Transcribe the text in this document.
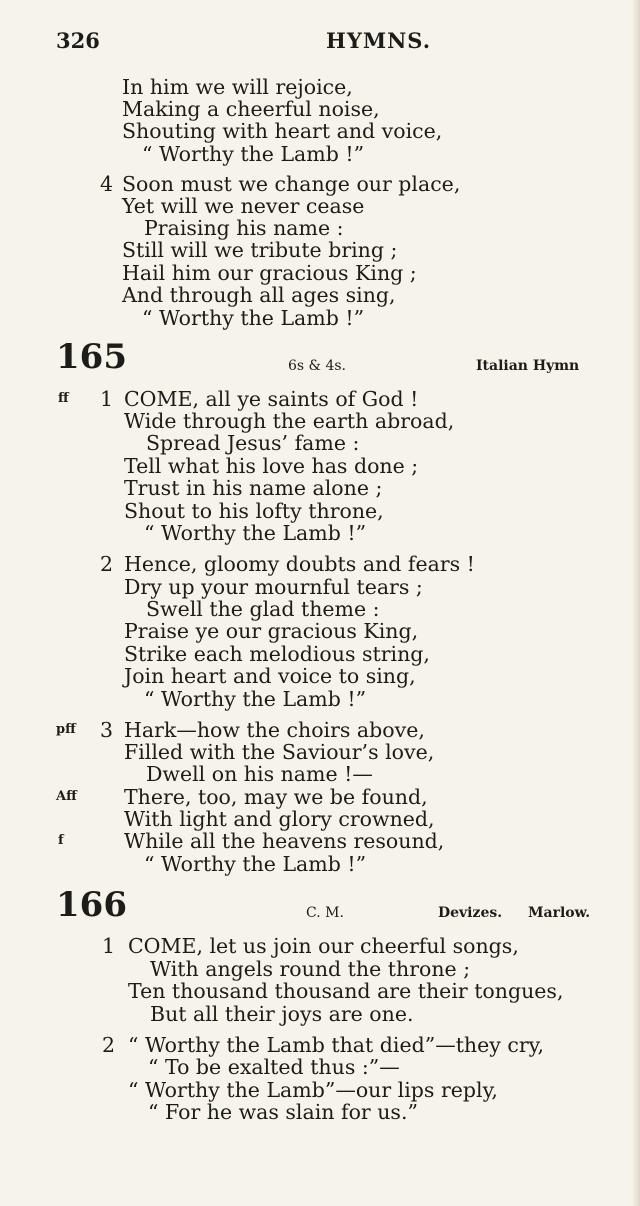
326	HYMNS.
In him we will rejoice,
Making a cheerful noise,
Shouting with heart and voice,
“ Worthy the Lamb !”
4 Soon must we change our place,
Yet will we never cease
Praising his name :
Still will we tribute bring ;
Hail him our gracious King ;
And through all ages sing,
“ Worthy the Lamb !”
165	6s & 4s.	Italian Hymn
ff 1 COME, all ye saints of God !
Wide through the earth abroad,
Spread Jesus’ fame :
Tell what his love has done ;
Trust in his name alone ;
Shout to his lofty throne,
“ Worthy the Lamb !”
2 Hence, gloomy doubts and fears !
Dry up your mournful tears ;
Swell the glad theme :
Praise ye our gracious King,
Strike each melodious string,
Join heart and voice to sing,
“ Worthy the Lamb !”
pff 3 Hark—how the choirs above,
Filled with the Saviour’s love,
Dwell on his name !—
Aff There, too, may we be found,
With light and glory crowned,
f	While all the heavens resound,
“ Worthy the Lamb !”
166	C. M.	Devizes. Marlow.
1 COME, let us join our cheerful songs,
With angels round the throne ;
Ten thousand thousand are their tongues,
But all their joys are one.
2 “ Worthy the Lamb that died”—they cry,
“ To be exalted thus :”—
“ Worthy the Lamb”—our lips reply,
“ For he was slain for us.”
